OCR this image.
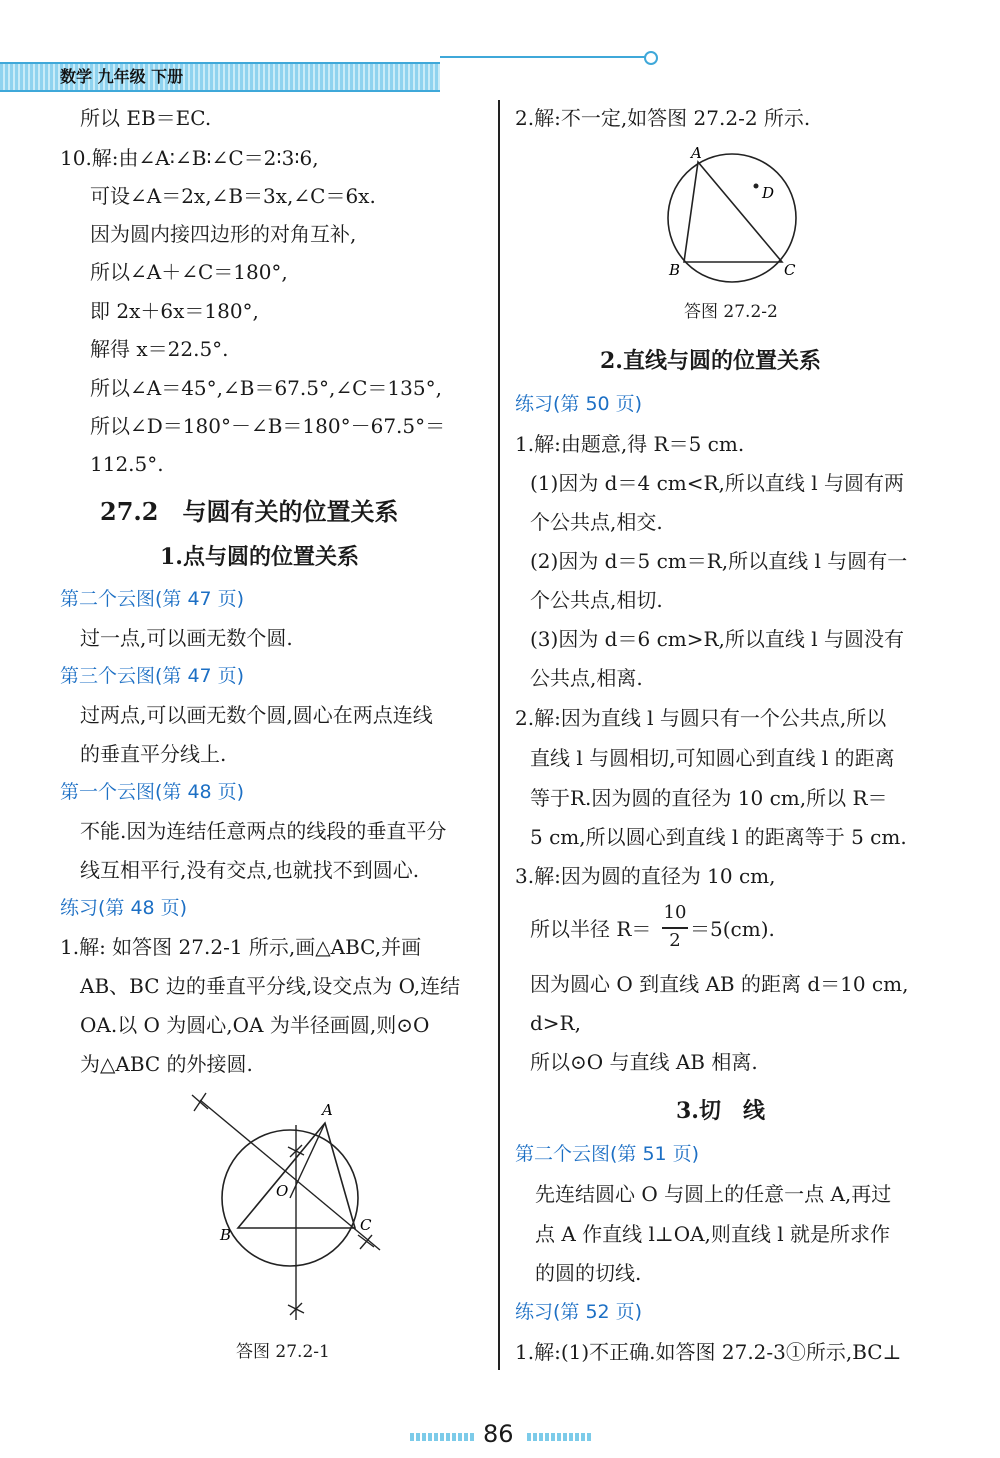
数学 九年级 下册
所以 EB＝EC.
10.解:由∠A∶∠B∶∠C＝2∶3∶6,
可设∠A＝2x,∠B＝3x,∠C＝6x.
因为圆内接四边形的对角互补,
所以∠A＋∠C＝180°,
即 2x＋6x＝180°,
解得 x＝22.5°.
所以∠A＝45°,∠B＝67.5°,∠C＝135°,
所以∠D＝180°－∠B＝180°－67.5°＝
112.5°.
27.2　与圆有关的位置关系
1.点与圆的位置关系
第二个云图(第 47 页)
过一点,可以画无数个圆.
第三个云图(第 47 页)
过两点,可以画无数个圆,圆心在两点连线
的垂直平分线上.
第一个云图(第 48 页)
不能.因为连结任意两点的线段的垂直平分
线互相平行,没有交点,也就找不到圆心.
练习(第 48 页)
1.解: 如答图 27.2-1 所示,画△ABC,并画
AB、BC 边的垂直平分线,设交点为 O,连结
OA.以 O 为圆心,OA 为半径画圆,则⊙O
为△ABC 的外接圆.
A
B
C
O
答图 27.2-1
2.解:不一定,如答图 27.2-2 所示.
A
B	C
D
答图 27.2-2
2.直线与圆的位置关系
练习(第 50 页)
1.解:由题意,得 R＝5 cm.
(1)因为 d＝4 cm<R,所以直线 l 与圆有两
个公共点,相交.
(2)因为 d＝5 cm＝R,所以直线 l 与圆有一
个公共点,相切.
(3)因为 d＝6 cm>R,所以直线 l 与圆没有
公共点,相离.
2.解:因为直线 l 与圆只有一个公共点,所以
直线 l 与圆相切,可知圆心到直线 l 的距离
等于R.因为圆的直径为 10 cm,所以 R＝
5 cm,所以圆心到直线 l 的距离等于 5 cm.
3.解:因为圆的直径为 10 cm,
所以半径 R＝
10
2 ＝5(cm).
因为圆心 O 到直线 AB 的距离 d＝10 cm,
d>R,
所以⊙O 与直线 AB 相离.
3.切　线
第二个云图(第 51 页)
先连结圆心 O 与圆上的任意一点 A,再过
点 A 作直线 l⊥OA,则直线 l 就是所求作
的圆的切线.
练习(第 52 页)
1.解:(1)不正确.如答图 27.2-3①所示,BC⊥
86
